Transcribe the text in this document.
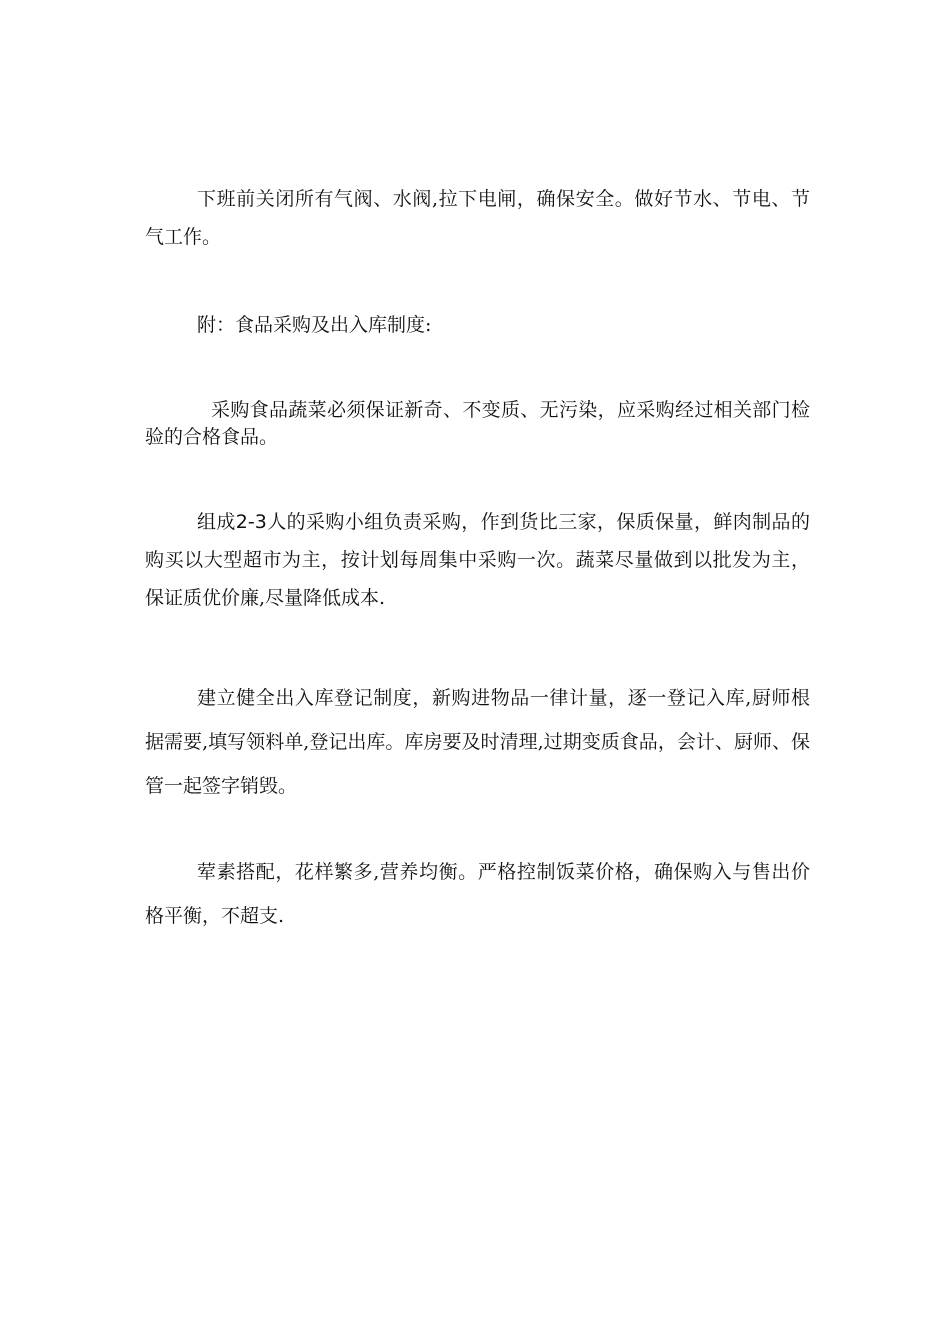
下班前关闭所有气阀、水阀,拉下电闸，确保安全。做好节水、节电、节气工作。

附：食品采购及出入库制度:

采购食品蔬菜必须保证新奇、不变质、无污染，应采购经过相关部门检验的合格食品。

组成2-3人的采购小组负责采购，作到货比三家，保质保量，鲜肉制品的购买以大型超市为主，按计划每周集中采购一次。蔬菜尽量做到以批发为主，保证质优价廉,尽量降低成本.

建立健全出入库登记制度，新购进物品一律计量，逐一登记入库,厨师根据需要,填写领料单,登记出库。库房要及时清理,过期变质食品，会计、厨师、保管一起签字销毁。

荤素搭配，花样繁多,营养均衡。严格控制饭菜价格，确保购入与售出价格平衡，不超支.
